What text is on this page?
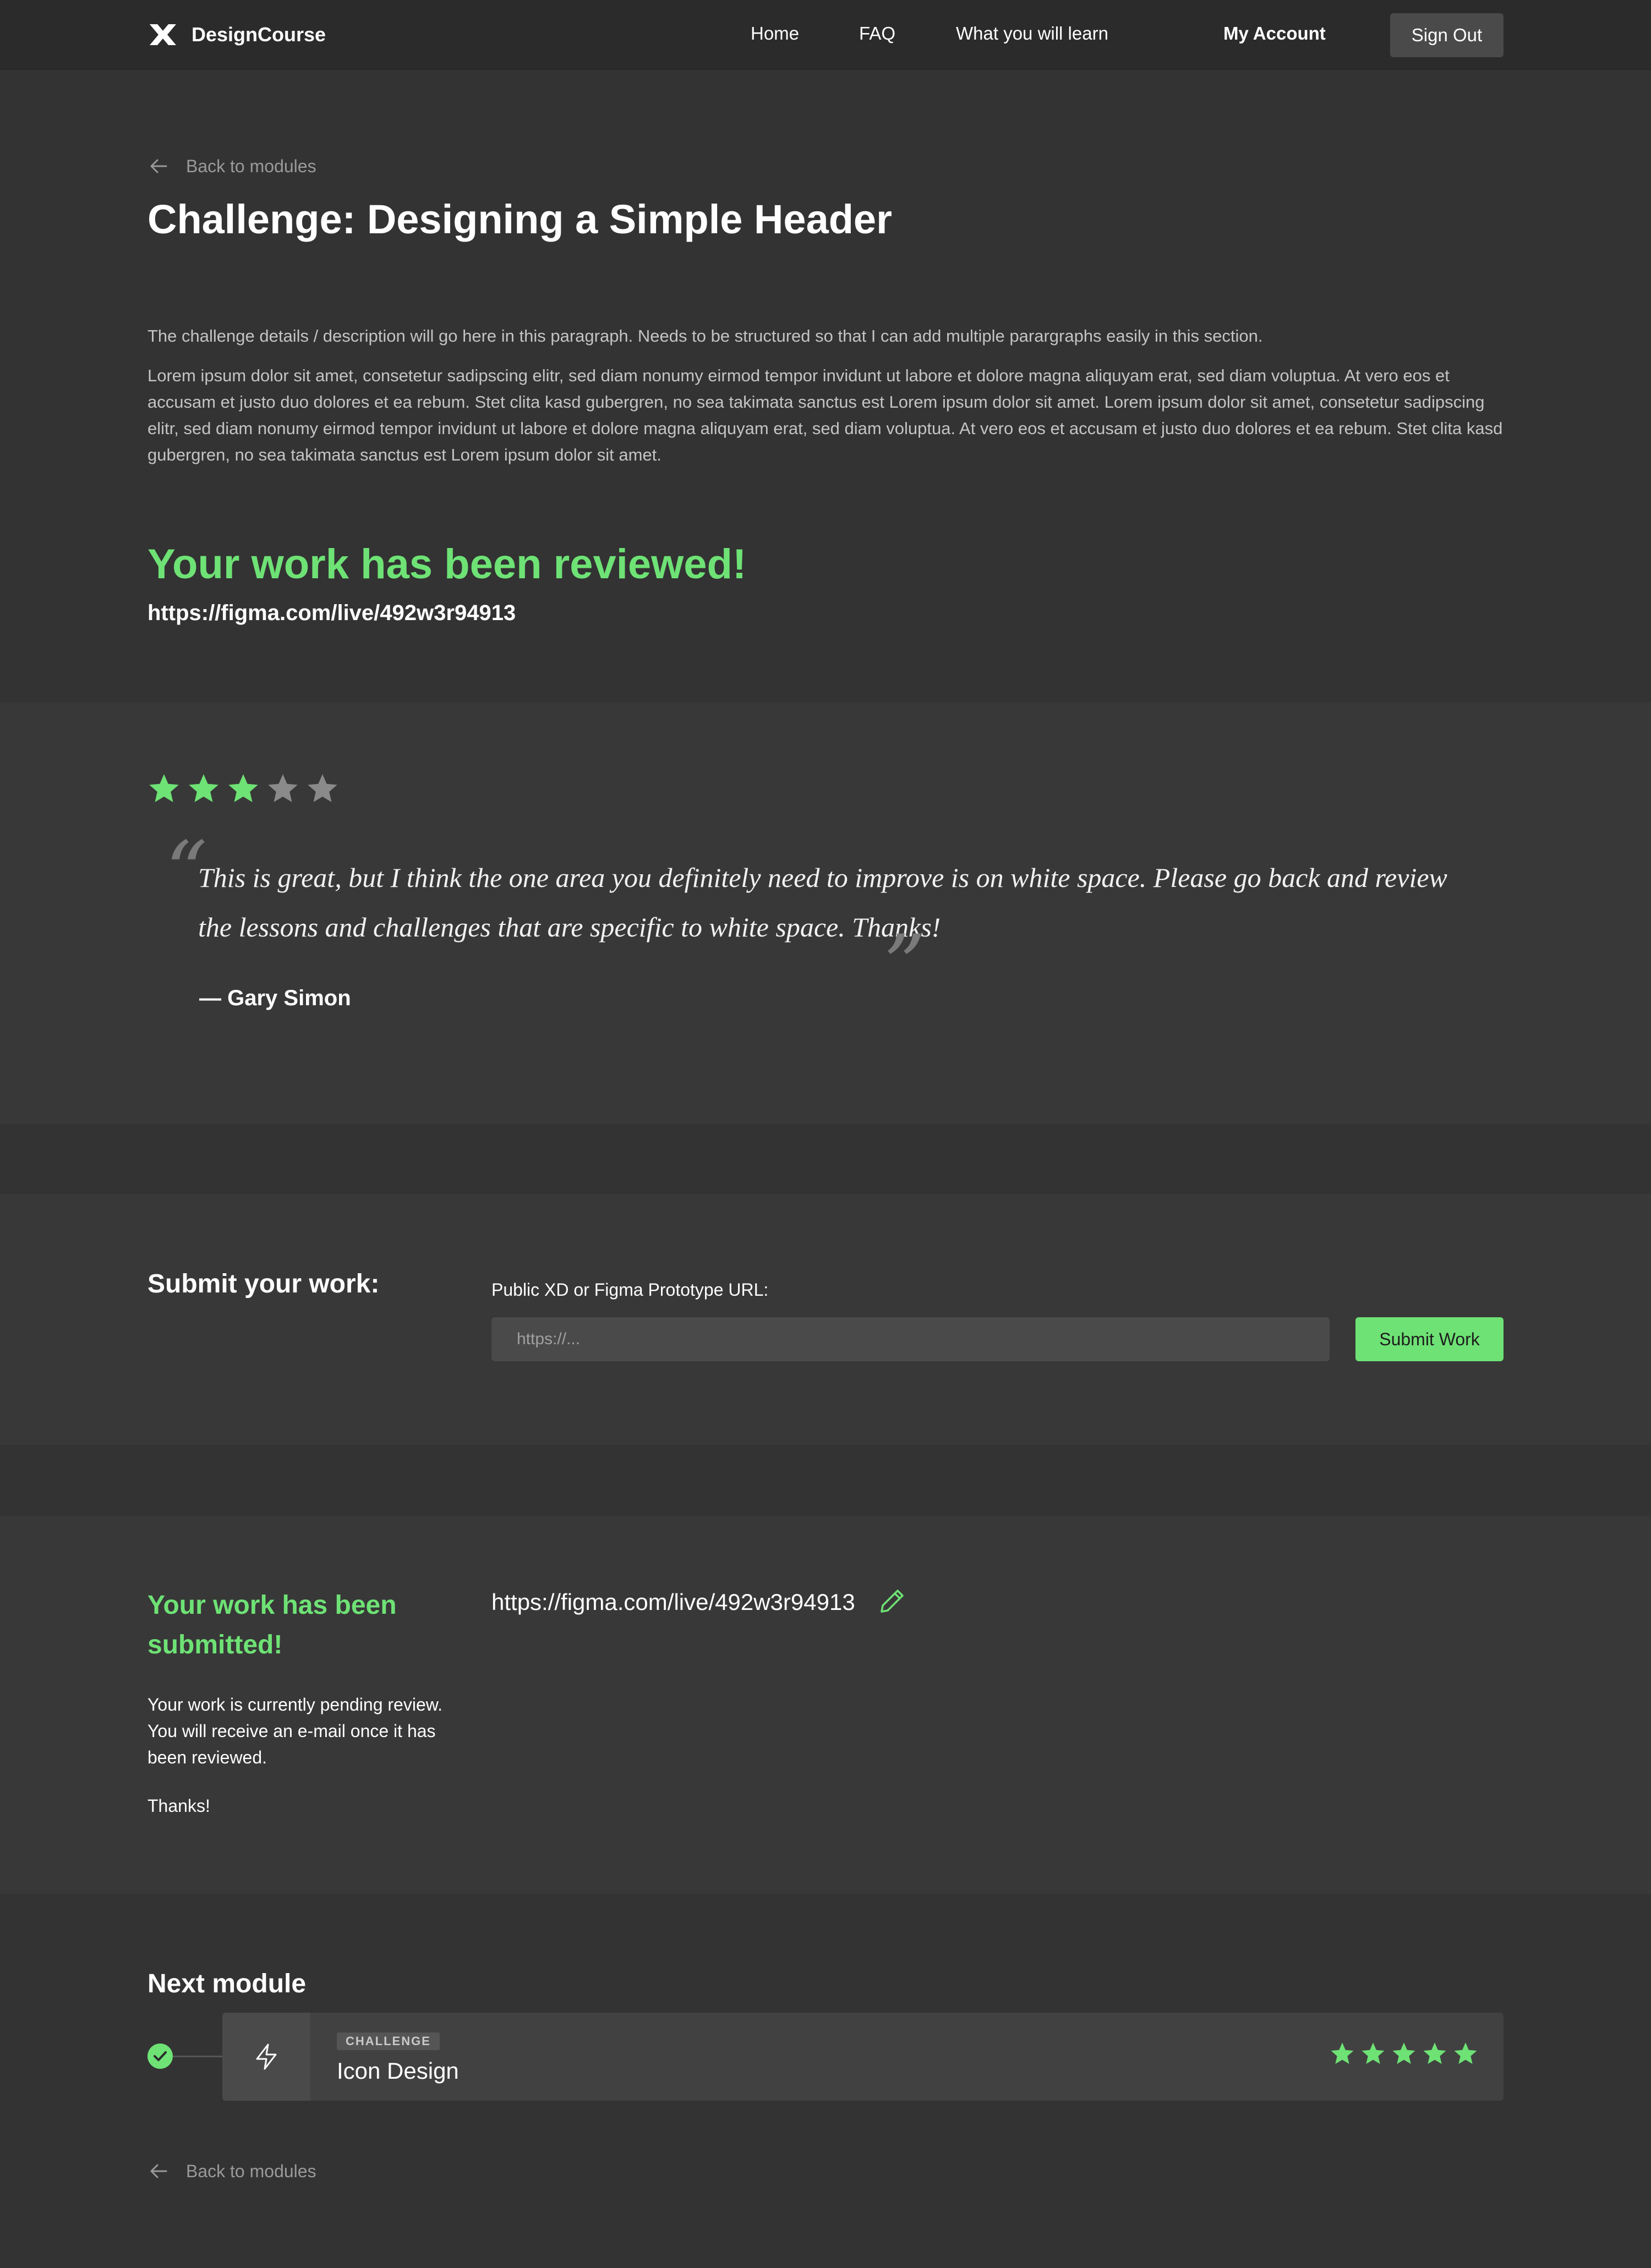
DesignCourse	Home	FAQ	What you will learn	My Account	Sign Out
Back to modules
Challenge: Designing a Simple Header

The challenge details / description will go here in this paragraph. Needs to be structured so that I can add multiple parargraphs easily in this section.

Lorem ipsum dolor sit amet, consetetur sadipscing elitr, sed diam nonumy eirmod tempor invidunt ut labore et dolore magna aliquyam erat, sed diam voluptua. At vero eos et accusam et justo duo dolores et ea rebum. Stet clita kasd gubergren, no sea takimata sanctus est Lorem ipsum dolor sit amet. Lorem ipsum dolor sit amet, consetetur sadipscing elitr, sed diam nonumy eirmod tempor invidunt ut labore et dolore magna aliquyam erat, sed diam voluptua. At vero eos et accusam et justo duo dolores et ea rebum. Stet clita kasd gubergren, no sea takimata sanctus est Lorem ipsum dolor sit amet.

Your work has been reviewed!
https://figma.com/live/492w3r94913
“
This is great, but I think the one area you definitely need to improve is on white space. Please go back and review the lessons and challenges that are specific to white space. Thanks!
”
— Gary Simon
Submit your work:	Public XD or Figma Prototype URL:
https://...
Submit Work
Your work has been submitted!

Your work is currently pending review. You will receive an e-mail once it has been reviewed.

Thanks!

https://figma.com/live/492w3r94913
Next module
CHALLENGE
Icon Design
Back to modules
